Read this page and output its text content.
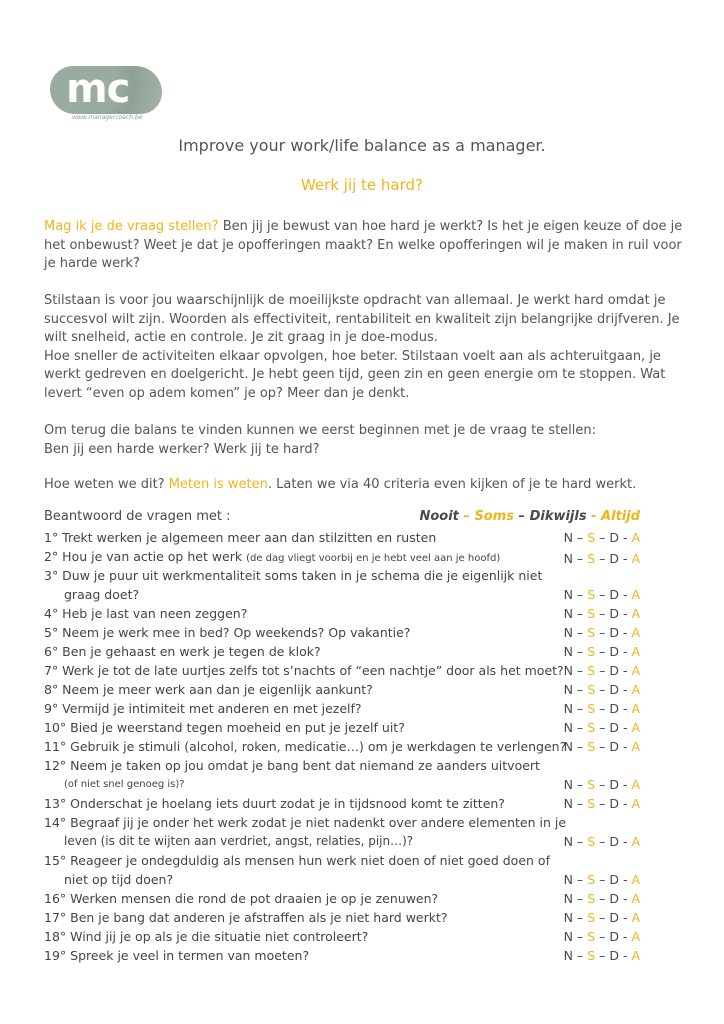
mc
www.managercoach.be
Improve your work/life balance as a manager.
Werk jij te hard?

Mag ik je de vraag stellen? Ben jij je bewust van hoe hard je werkt? Is het je eigen keuze of doe je het onbewust? Weet je dat je opofferingen maakt? En welke opofferingen wil je maken in ruil voor je harde werk?

Stilstaan is voor jou waarschijnlijk de moeilijkste opdracht van allemaal. Je werkt hard omdat je succesvol wilt zijn. Woorden als effectiviteit, rentabiliteit en kwaliteit zijn belangrijke drijfveren. Je wilt snelheid, actie en controle. Je zit graag in je doe-modus.

Hoe sneller de activiteiten elkaar opvolgen, hoe beter. Stilstaan voelt aan als achteruitgaan, je werkt gedreven en doelgericht. Je hebt geen tijd, geen zin en geen energie om te stoppen. Wat levert “even op adem komen” je op? Meer dan je denkt.

Om terug die balans te vinden kunnen we eerst beginnen met je de vraag te stellen:

Ben jij een harde werker? Werk jij te hard?

Hoe weten we dit? Meten is weten. Laten we via 40 criteria even kijken of je te hard werkt.

Beantwoord de vragen met :	Nooit – Soms – Dikwijls - Altijd
1° Trekt werken je algemeen meer aan dan stilzitten en rusten	N – S – D - A
2° Hou je van actie op het werk (de dag vliegt voorbij en je hebt veel aan je hoofd)	N – S – D - A
3° Duw je puur uit werkmentaliteit soms taken in je schema die je eigenlijk niet
graag doet?	N – S – D - A
4° Heb je last van neen zeggen?	N – S – D - A
5° Neem je werk mee in bed? Op weekends? Op vakantie?	N – S – D - A
6° Ben je gehaast en werk je tegen de klok?	N – S – D - A
7° Werk je tot de late uurtjes zelfs tot s’nachts of “een nachtje” door als het moet? N – S – D - A
8° Neem je meer werk aan dan je eigenlijk aankunt?	N – S – D - A
9° Vermijd je intimiteit met anderen en met jezelf?	N – S – D - A
10° Bied je weerstand tegen moeheid en put je jezelf uit?	N – S – D - A
11° Gebruik je stimuli (alcohol, roken, medicatie…) om je werkdagen te verlengen?
N – S – D - A
12° Neem je taken op jou omdat je bang bent dat niemand ze aanders uitvoert
(of niet snel genoeg is)?	N – S – D - A
13° Onderschat je hoelang iets duurt zodat je in tijdsnood komt te zitten?	N – S – D - A
14° Begraaf jij je onder het werk zodat je niet nadenkt over andere elementen in je
leven (is dit te wijten aan verdriet, angst, relaties, pijn…)?	N – S – D - A
15° Reageer je ondegduldig als mensen hun werk niet doen of niet goed doen of
niet op tijd doen?	N – S – D - A
16° Werken mensen die rond de pot draaien je op je zenuwen?	N – S – D - A
17° Ben je bang dat anderen je afstraffen als je niet hard werkt?	N – S – D - A
18° Wind jij je op als je die situatie niet controleert?	N – S – D - A
19° Spreek je veel in termen van moeten?	N – S – D - A
